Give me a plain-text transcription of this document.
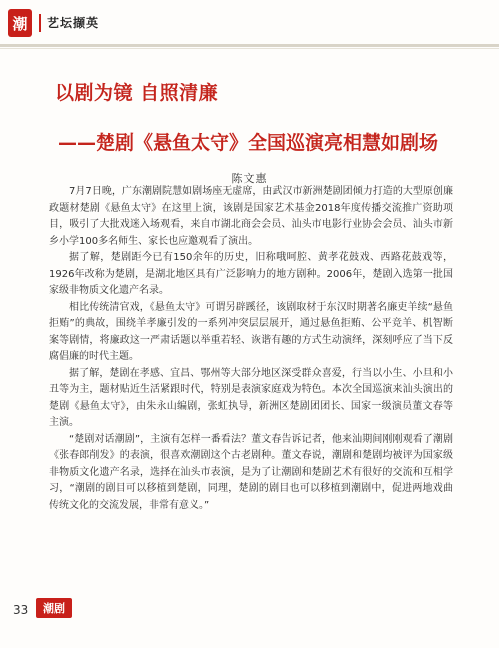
潮	艺坛撷英
以剧为镜 自照清廉
——楚剧《悬鱼太守》全国巡演亮相慧如剧场
陈文惠

7月7日晚，广东潮剧院慧如剧场座无虚席，由武汉市新洲楚剧团倾力打造的大型原创廉政题材楚剧《悬鱼太守》在这里上演，该剧是国家艺术基金2018年度传播交流推广资助项目，吸引了大批戏迷入场观看，来自市湖北商会会员、汕头市电影行业协会会员、汕头市新乡小学100多名师生、家长也应邀观看了演出。

据了解，楚剧距今已有150余年的历史，旧称哦呵腔、黄孝花鼓戏、西路花鼓戏等，1926年改称为楚剧，是湖北地区具有广泛影响力的地方剧种。2006年，楚剧入选第一批国家级非物质文化遗产名录。

相比传统清官戏，《悬鱼太守》可谓另辟蹊径，该剧取材于东汉时期著名廉吏羊续“悬鱼拒贿”的典故，围绕羊孝廉引发的一系列冲突层层展开，通过悬鱼拒贿、公平竞羊、机智断案等剧情，将廉政这一严肃话题以举重若轻、诙谐有趣的方式生动演绎，深刻呼应了当下反腐倡廉的时代主题。

据了解，楚剧在孝感、宜昌、鄂州等大部分地区深受群众喜爱，行当以小生、小旦和小丑等为主，题材贴近生活紧跟时代，特别是表演家庭戏为特色。本次全国巡演来汕头演出的楚剧《悬鱼太守》，由朱永山编剧，张虹执导，新洲区楚剧团团长、国家一级演员董文春等主演。

“楚剧对话潮剧”，主演有怎样一番看法？董文春告诉记者，他来汕期间刚刚观看了潮剧《张春郎削发》的表演，很喜欢潮剧这个古老剧种。董文春说，潮剧和楚剧均被评为国家级非物质文化遗产名录，选择在汕头市表演，是为了让潮剧和楚剧艺术有很好的交流和互相学习，“潮剧的剧目可以移植到楚剧，同理，楚剧的剧目也可以移植到潮剧中，促进两地戏曲传统文化的交流发展，非常有意义。”

33	潮剧
